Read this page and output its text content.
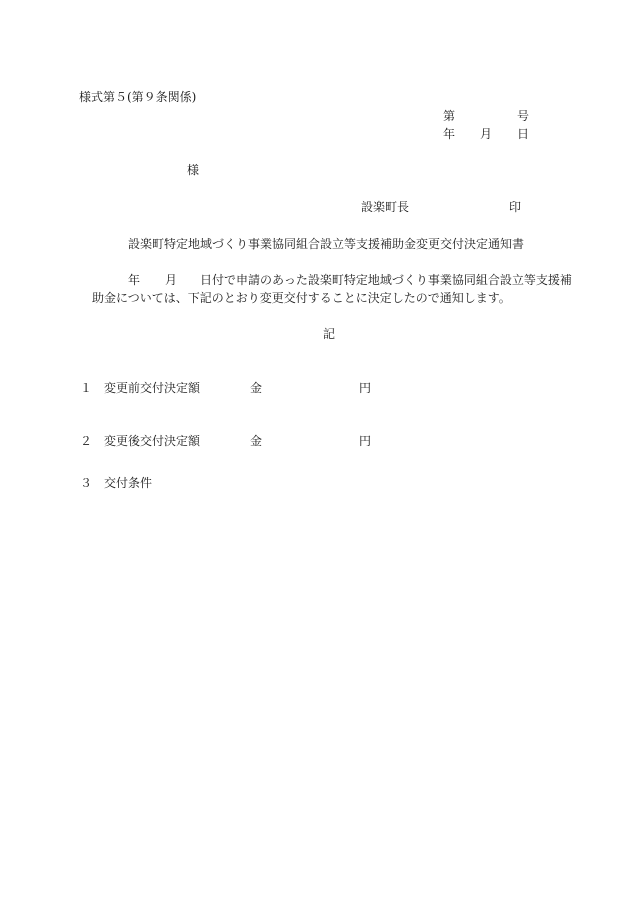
様式第５(第９条関係)
第	号
年 月 日
様
設楽町長	印
設楽町特定地域づくり事業協同組合設立等支援補助金変更交付決定通知書
年 月 日付で申請のあった設楽町特定地域づくり事業協同組合設立等支援補
助金については、下記のとおり変更交付することに決定したので通知します。
記
１ 変更前交付決定額	金	円
２ 変更後交付決定額	金	円
３ 交付条件
